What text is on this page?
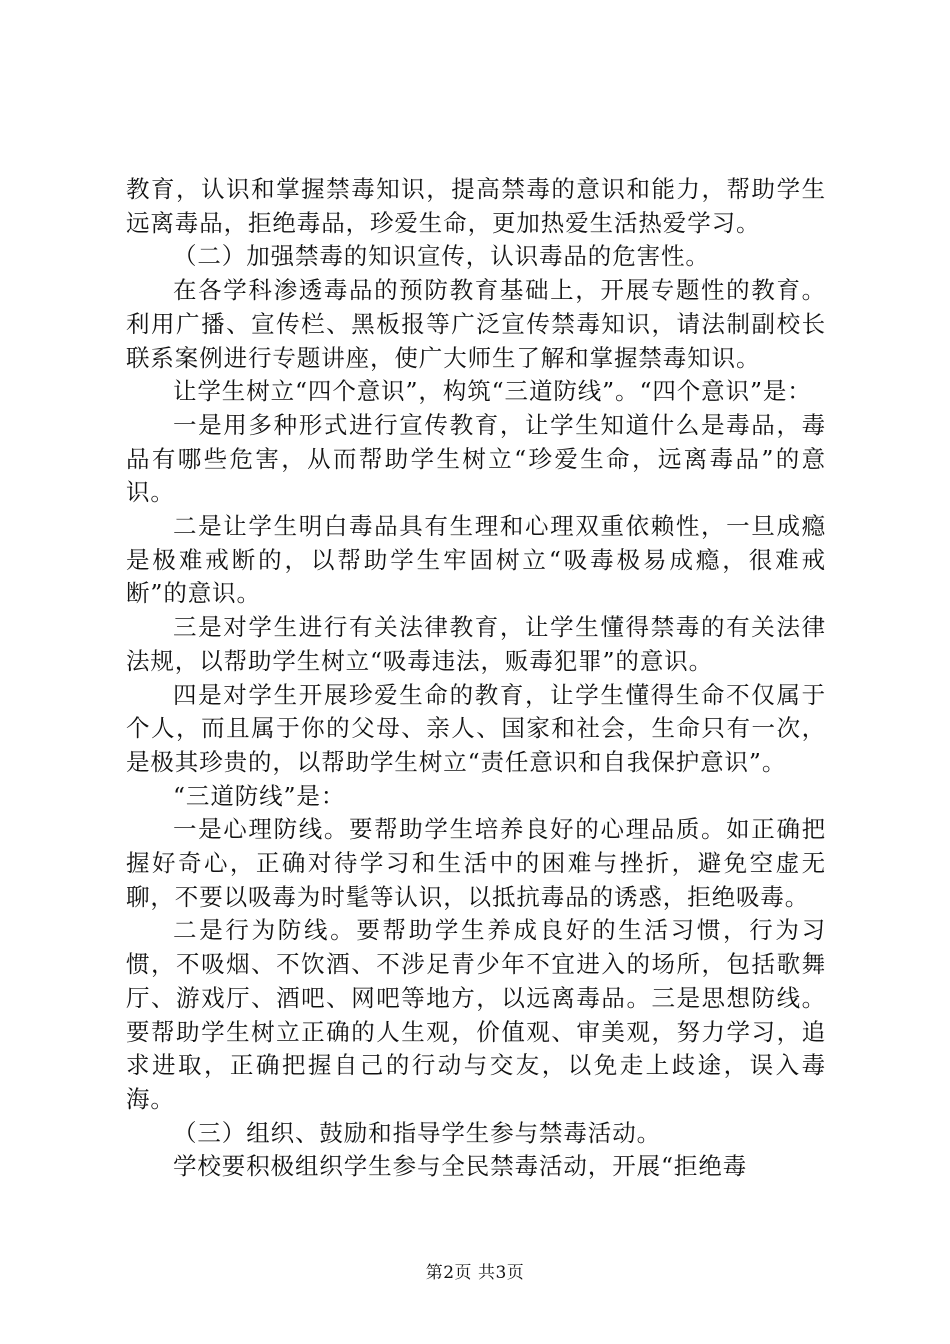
教育，认识和掌握禁毒知识，提高禁毒的意识和能力，帮助学生远离毒品，拒绝毒品，珍爱生命，更加热爱生活热爱学习。

（二）加强禁毒的知识宣传，认识毒品的危害性。

在各学科渗透毒品的预防教育基础上，开展专题性的教育。利用广播、宣传栏、黑板报等广泛宣传禁毒知识，请法制副校长联系案例进行专题讲座，使广大师生了解和掌握禁毒知识。

让学生树立“四个意识”，构筑“三道防线”。“四个意识”是：

一是用多种形式进行宣传教育，让学生知道什么是毒品，毒品有哪些危害，从而帮助学生树立“珍爱生命，远离毒品”的意识。

二是让学生明白毒品具有生理和心理双重依赖性，一旦成瘾是极难戒断的，以帮助学生牢固树立“吸毒极易成瘾，很难戒断”的意识。

三是对学生进行有关法律教育，让学生懂得禁毒的有关法律法规，以帮助学生树立“吸毒违法，贩毒犯罪”的意识。

四是对学生开展珍爱生命的教育，让学生懂得生命不仅属于个人，而且属于你的父母、亲人、国家和社会，生命只有一次，是极其珍贵的，以帮助学生树立“责任意识和自我保护意识”。

“三道防线”是：

一是心理防线。要帮助学生培养良好的心理品质。如正确把握好奇心，正确对待学习和生活中的困难与挫折，避免空虚无聊，不要以吸毒为时髦等认识，以抵抗毒品的诱惑，拒绝吸毒。

二是行为防线。要帮助学生养成良好的生活习惯，行为习惯，不吸烟、不饮酒、不涉足青少年不宜进入的场所，包括歌舞厅、游戏厅、酒吧、网吧等地方，以远离毒品。三是思想防线。要帮助学生树立正确的人生观，价值观、审美观，努力学习，追求进取，正确把握自己的行动与交友，以免走上歧途，误入毒海。

（三）组织、鼓励和指导学生参与禁毒活动。

学校要积极组织学生参与全民禁毒活动，开展“拒绝毒

第2页 共3页
